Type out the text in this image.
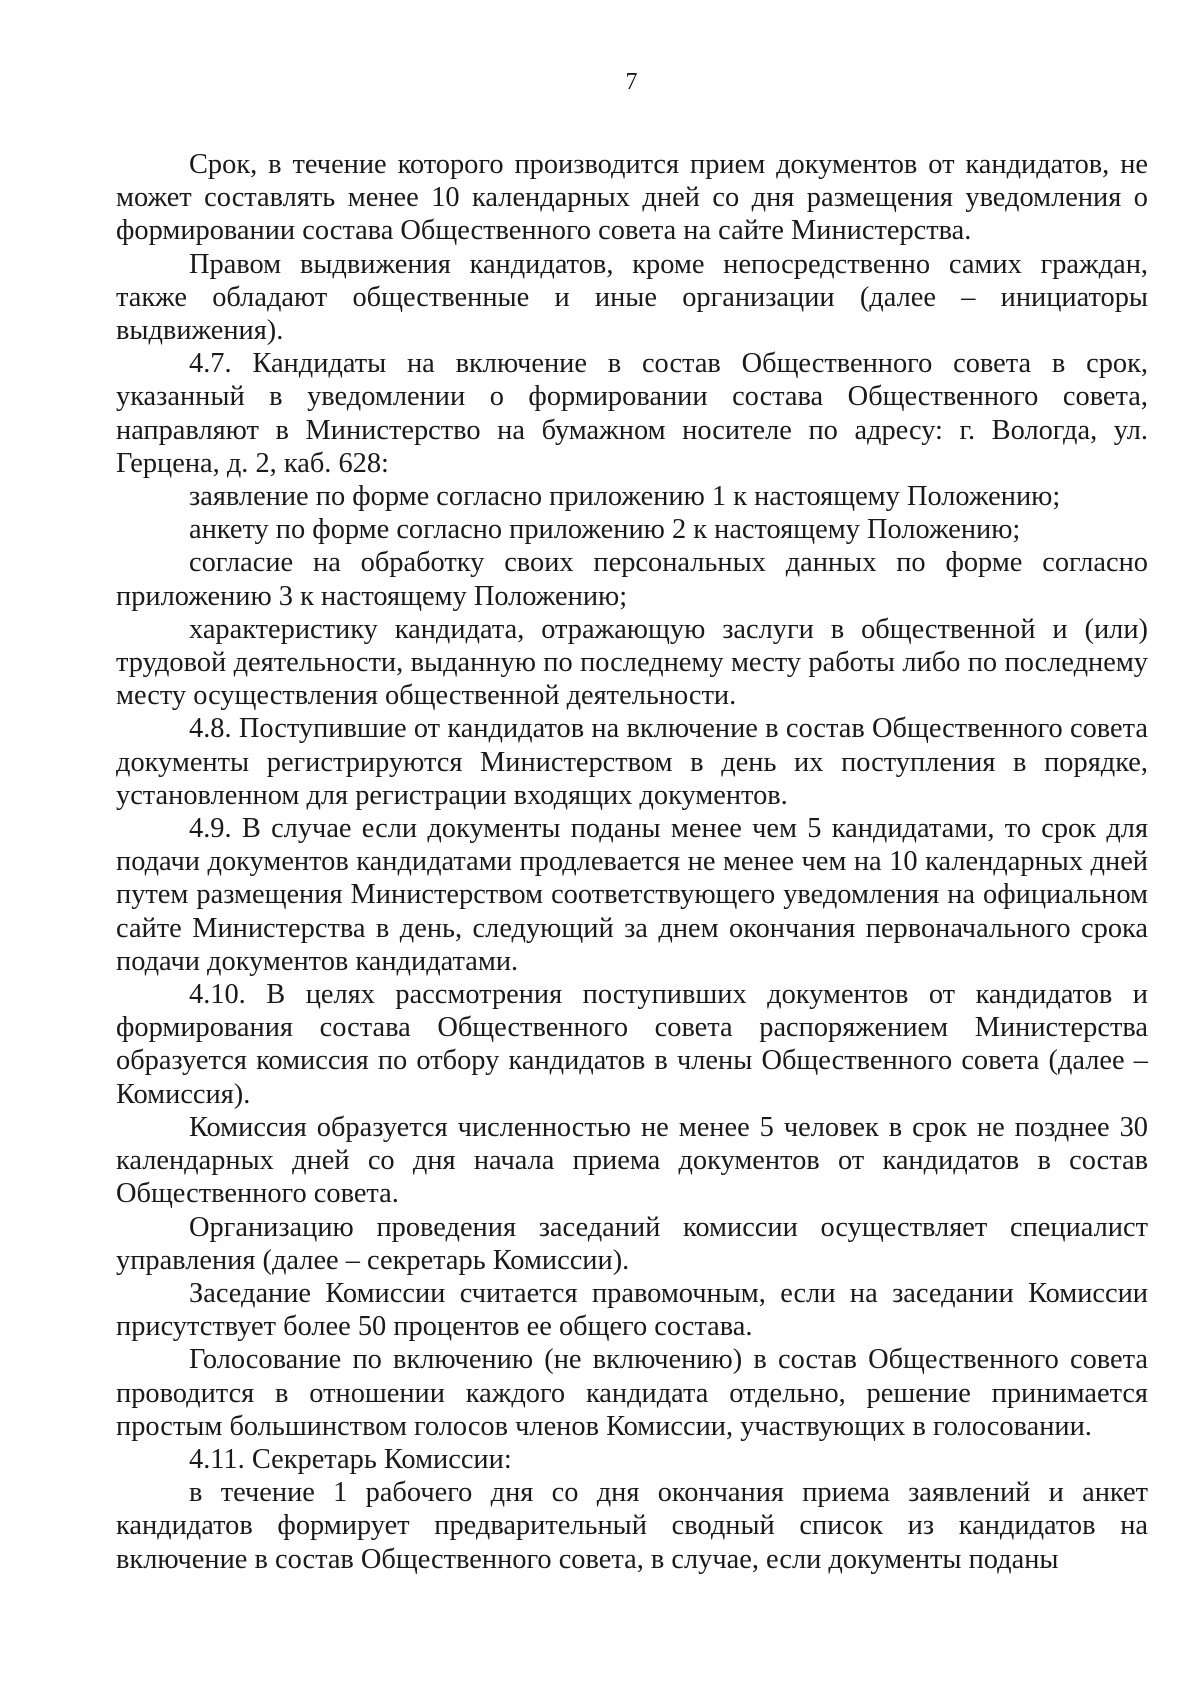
7

Срок, в течение которого производится прием документов от кандидатов, не может составлять менее 10 календарных дней со дня размещения уведомления о формировании состава Общественного совета на сайте Министерства.

Правом выдвижения кандидатов, кроме непосредственно самих граждан, также обладают общественные и иные организации (далее – инициаторы выдвижения).

4.7. Кандидаты на включение в состав Общественного совета в срок, указанный в уведомлении о формировании состава Общественного совета, направляют в Министерство на бумажном носителе по адресу: г. Вологда, ул. Герцена, д. 2, каб. 628:

заявление по форме согласно приложению 1 к настоящему Положению;

анкету по форме согласно приложению 2 к настоящему Положению;

согласие на обработку своих персональных данных по форме согласно приложению 3 к настоящему Положению;

характеристику кандидата, отражающую заслуги в общественной и (или) трудовой деятельности, выданную по последнему месту работы либо по последнему месту осуществления общественной деятельности.

4.8. Поступившие от кандидатов на включение в состав Общественного совета документы регистрируются Министерством в день их поступления в порядке, установленном для регистрации входящих документов.

4.9. В случае если документы поданы менее чем 5 кандидатами, то срок для подачи документов кандидатами продлевается не менее чем на 10 календарных дней путем размещения Министерством соответствующего уведомления на официальном сайте Министерства в день, следующий за днем окончания первоначального срока подачи документов кандидатами.

4.10. В целях рассмотрения поступивших документов от кандидатов и формирования состава Общественного совета распоряжением Министерства образуется комиссия по отбору кандидатов в члены Общественного совета (далее – Комиссия).

Комиссия образуется численностью не менее 5 человек в срок не позднее 30 календарных дней со дня начала приема документов от кандидатов в состав Общественного совета.

Организацию проведения заседаний комиссии осуществляет специалист управления (далее – секретарь Комиссии).

Заседание Комиссии считается правомочным, если на заседании Комиссии присутствует более 50 процентов ее общего состава.

Голосование по включению (не включению) в состав Общественного совета проводится в отношении каждого кандидата отдельно, решение принимается простым большинством голосов членов Комиссии, участвующих в голосовании.

4.11. Секретарь Комиссии:

в течение 1 рабочего дня со дня окончания приема заявлений и анкет кандидатов формирует предварительный сводный список из кандидатов на включение в состав Общественного совета, в случае, если документы поданы
